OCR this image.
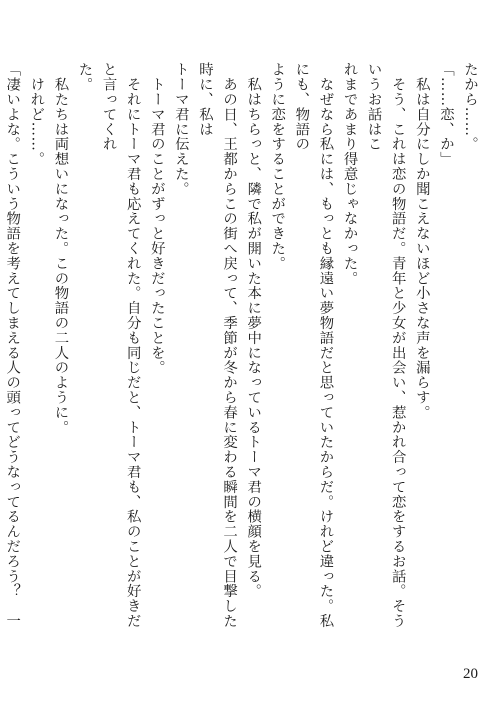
たから……。

「……恋、か」

　私は自分にしか聞こえないほど小さな声を漏らす。

　そう、これは恋の物語だ。青年と少女が出会い、惹かれ合って恋をするお話。そういうお話はこ

れまであまり得意じゃなかった。

　なぜなら私には、もっとも縁遠い夢物語だと思っていたからだ。けれど違った。私にも、物語の

ように恋をすることができた。

　私はちらっと、隣で私が開いた本に夢中になっているトーマ君の横顔を見る。

　あの日、王都からこの街へ戻って、季節が冬から春に変わる瞬間を二人で目撃した時に、私は

トーマ君に伝えた。

　トーマ君のことがずっと好きだったことを。

　それにトーマ君も応えてくれた。自分も同じだと、トーマ君も、私のことが好きだと言ってくれ

た。

　私たちは両想いになった。この物語の二人のように。

　けれど……。

「凄いよな。こういう物語を考えてしまえる人の頭ってどうなってるんだろう？　一

20
